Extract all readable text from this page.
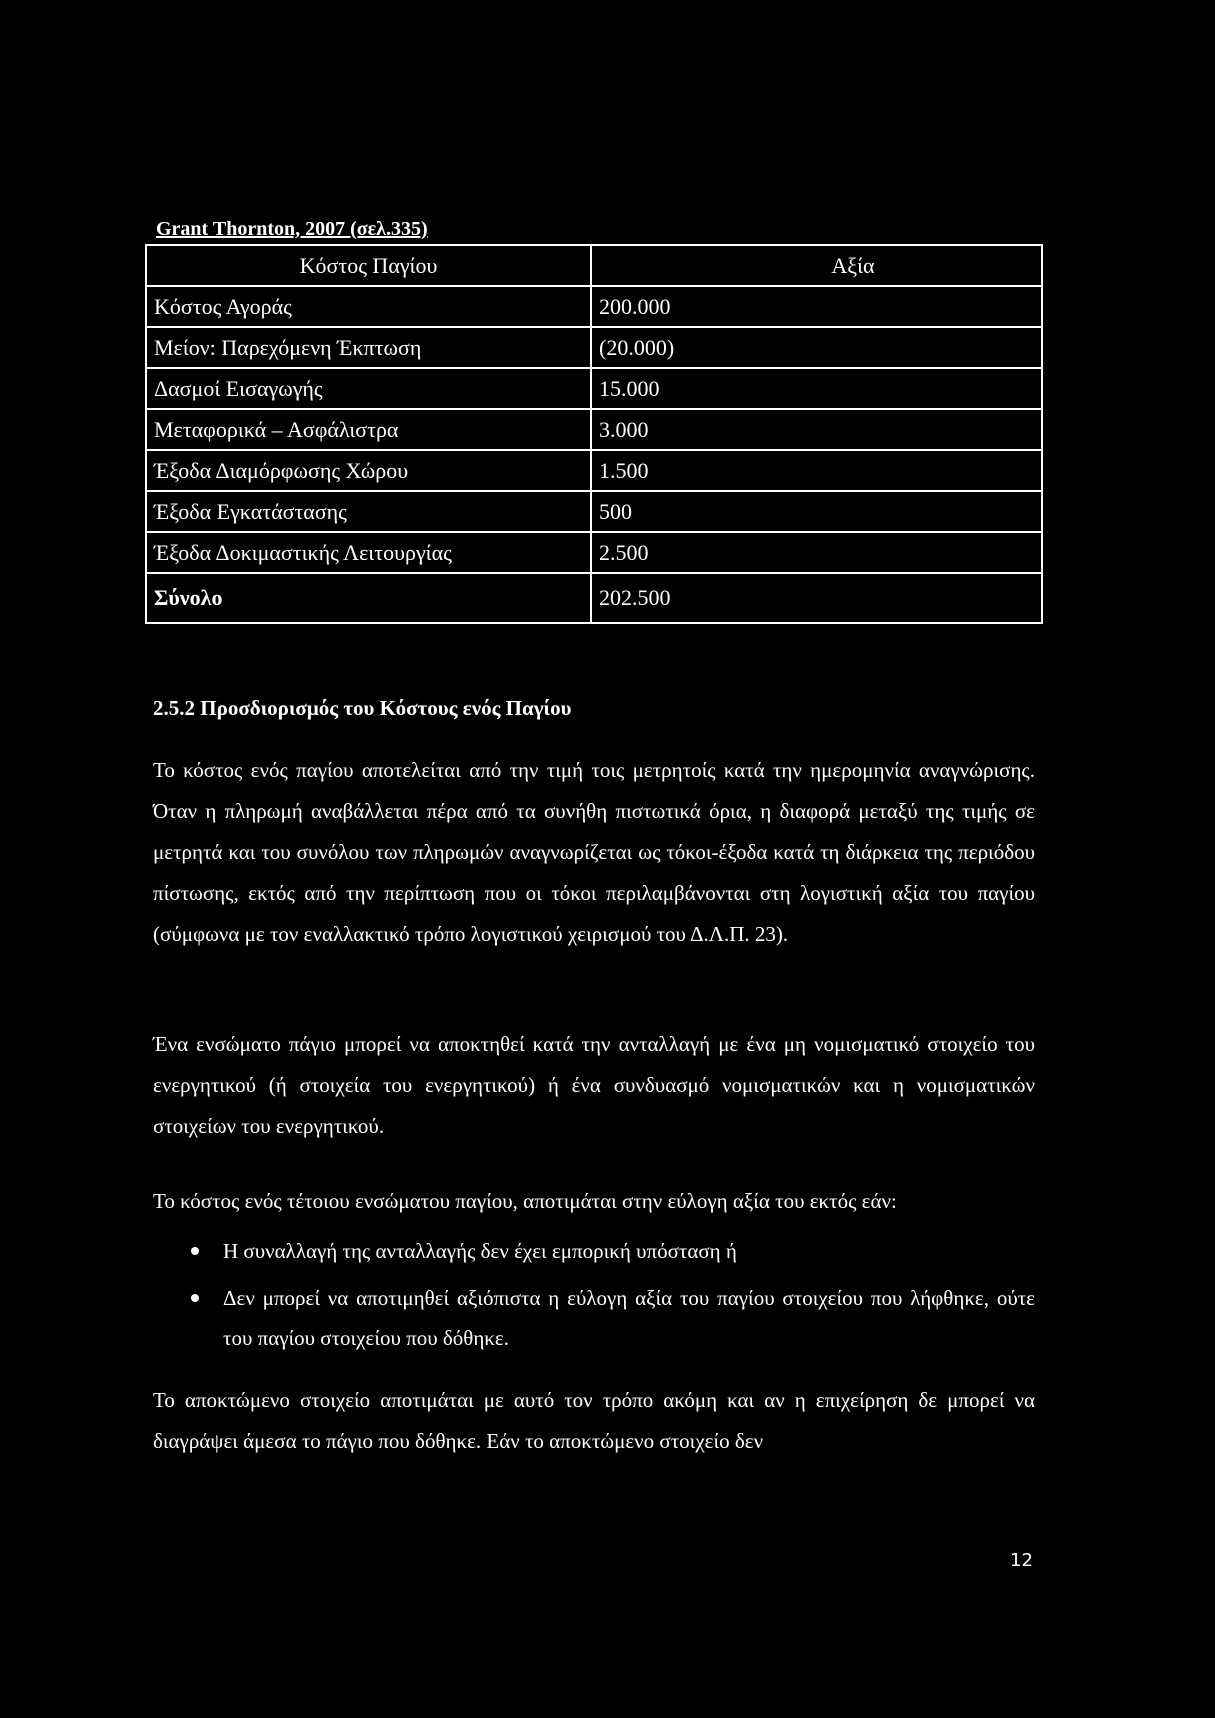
Grant Thornton, 2007 (σελ.335)
Κόστος Παγίου	Αξία
Κόστος Αγοράς	200.000
Μείον: Παρεχόμενη Έκπτωση	(20.000)
Δασμοί Εισαγωγής	15.000
Μεταφορικά – Ασφάλιστρα	3.000
Έξοδα Διαμόρφωσης Χώρου	1.500
Έξοδα Εγκατάστασης	500
Έξοδα Δοκιμαστικής Λειτουργίας	2.500
Σύνολο	202.500
2.5.2 Προσδιορισμός του Κόστους ενός Παγίου

Το κόστος ενός παγίου αποτελείται από την τιμή τοις μετρητοίς κατά την ημερομηνία αναγνώρισης. Όταν η πληρωμή αναβάλλεται πέρα από τα συνήθη πιστωτικά όρια, η διαφορά μεταξύ της τιμής σε μετρητά και του συνόλου των πληρωμών αναγνωρίζεται ως τόκοι-έξοδα κατά τη διάρκεια της περιόδου πίστωσης, εκτός από την περίπτωση που οι τόκοι περιλαμβάνονται στη λογιστική αξία του παγίου (σύμφωνα με τον εναλλακτικό τρόπο λογιστικού χειρισμού του Δ.Λ.Π. 23).

Ένα ενσώματο πάγιο μπορεί να αποκτηθεί κατά την ανταλλαγή με ένα μη νομισματικό στοιχείο του ενεργητικού (ή στοιχεία του ενεργητικού) ή ένα συνδυασμό νομισματικών και η νομισματικών στοιχείων του ενεργητικού.

Το κόστος ενός τέτοιου ενσώματου παγίου, αποτιμάται στην εύλογη αξία του εκτός εάν:

Η συναλλαγή της ανταλλαγής δεν έχει εμπορική υπόσταση ή
Δεν μπορεί να αποτιμηθεί αξιόπιστα η εύλογη αξία του παγίου στοιχείου που λήφθηκε, ούτε του παγίου στοιχείου που δόθηκε.

Το αποκτώμενο στοιχείο αποτιμάται με αυτό τον τρόπο ακόμη και αν η επιχείρηση δε μπορεί να διαγράψει άμεσα το πάγιο που δόθηκε. Εάν το αποκτώμενο στοιχείο δεν

12
